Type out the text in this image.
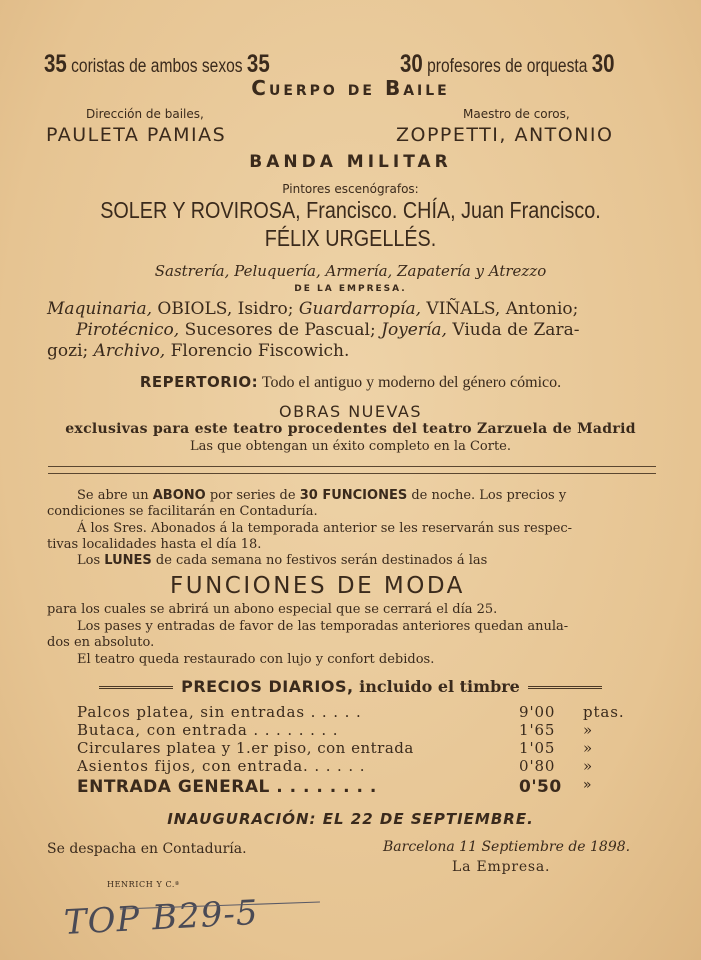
35 coristas de ambos sexos 35	30 profesores de orquesta 30
Cuerpo de Baile
Dirección de bailes,	Maestro de coros,
PAULETA PAMIAS	ZOPPETTI, ANTONIO
BANDA MILITAR
Pintores escenógrafos:
SOLER Y ROVIROSA, Francisco. CHÍA, Juan Francisco.
FÉLIX URGELLÉS.
Sastrería, Peluquería, Armería, Zapatería y Atrezzo
DE LA EMPRESA.
Maquinaria, OBIOLS, Isidro; Guardarropía, VIÑALS, Antonio;
Pirotécnico, Sucesores de Pascual; Joyería, Viuda de Zara-
gozi; Archivo, Florencio Fiscowich.
REPERTORIO: Todo el antiguo y moderno del género cómico.
OBRAS NUEVAS
exclusivas para este teatro procedentes del teatro Zarzuela de Madrid
Las que obtengan un éxito completo en la Corte.
Se abre un ABONO por series de 30 FUNCIONES de noche. Los precios y
condiciones se facilitarán en Contaduría.
Á los Sres. Abonados á la temporada anterior se les reservarán sus respec-
tivas localidades hasta el día 18.
Los LUNES de cada semana no festivos serán destinados á las
FUNCIONES DE MODA
para los cuales se abrirá un abono especial que se cerrará el día 25.
Los pases y entradas de favor de las temporadas anteriores quedan anula-
dos en absoluto.
El teatro queda restaurado con lujo y confort debidos.
PRECIOS DIARIOS, incluido el timbre
Palcos platea, sin entradas . . . . .	9'00 ptas.
Butaca, con entrada . . . . . . . .	1'65 »
Circulares platea y 1.er piso, con entrada	1'05 »
Asientos fijos, con entrada. . . . . .	0'80 »
ENTRADA GENERAL . . . . . . . .	0'50 »
INAUGURACIÓN: EL 22 DE SEPTIEMBRE.
Se despacha en Contaduría.	Barcelona 11 Septiembre de 1898.
La Empresa.
HENRICH Y C.ª
TOP B29-5
